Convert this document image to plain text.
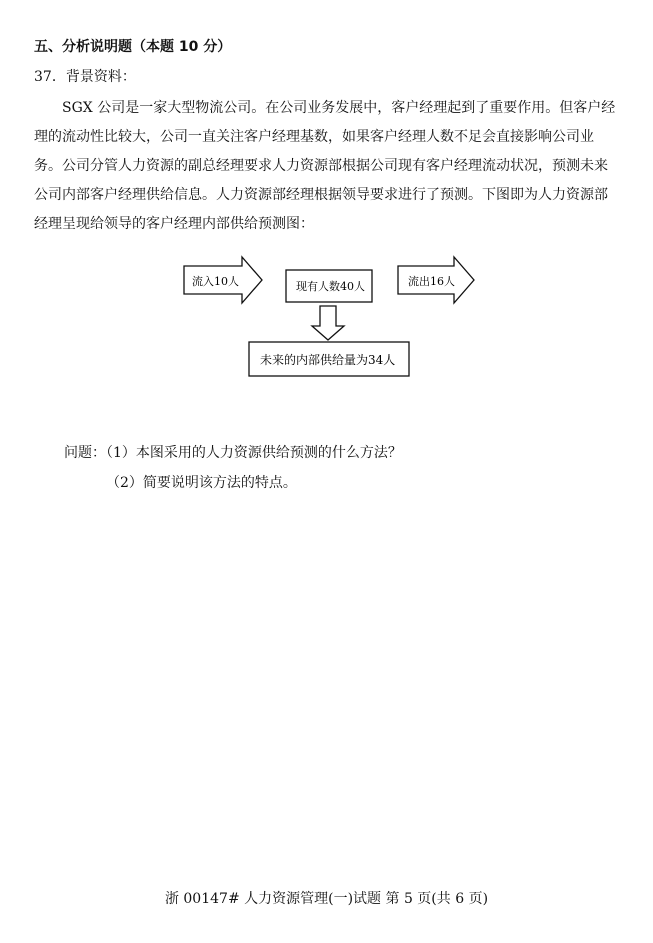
五、分析说明题（本题 10 分）
37．背景资料：

SGX 公司是一家大型物流公司。在公司业务发展中，客户经理起到了重要作用。但客户经理的流动性比较大，公司一直关注客户经理基数，如果客户经理人数不足会直接影响公司业务。公司分管人力资源的副总经理要求人力资源部根据公司现有客户经理流动状况，预测未来公司内部客户经理供给信息。人力资源部经理根据领导要求进行了预测。下图即为人力资源部经理呈现给领导的客户经理内部供给预测图：

流入10人	现有人数40人	流出16人
未来的内部供给量为34人
问题：（1）本图采用的人力资源供给预测的什么方法？
（2）简要说明该方法的特点。
浙 00147# 人力资源管理(一)试题 第 5 页(共 6 页)
